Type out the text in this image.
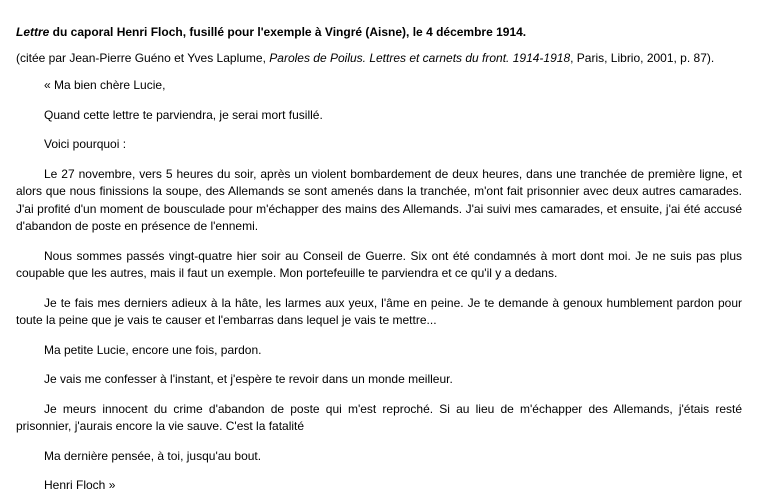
Lettre du caporal Henri Floch, fusillé pour l'exemple à Vingré (Aisne), le 4 décembre 1914.

(citée par Jean-Pierre Guéno et Yves Laplume, Paroles de Poilus. Lettres et carnets du front. 1914-1918, Paris, Librio, 2001, p. 87).

« Ma bien chère Lucie,

Quand cette lettre te parviendra, je serai mort fusillé.

Voici pourquoi :

Le 27 novembre, vers 5 heures du soir, après un violent bombardement de deux heures, dans une tranchée de première ligne, et alors que nous finissions la soupe, des Allemands se sont amenés dans la tranchée, m'ont fait prisonnier avec deux autres camarades. J'ai profité d'un moment de bousculade pour m'échapper des mains des Allemands. J'ai suivi mes camarades, et ensuite, j'ai été accusé d'abandon de poste en présence de l'ennemi.

Nous sommes passés vingt-quatre hier soir au Conseil de Guerre. Six ont été condamnés à mort dont moi. Je ne suis pas plus coupable que les autres, mais il faut un exemple. Mon portefeuille te parviendra et ce qu'il y a dedans.

Je te fais mes derniers adieux à la hâte, les larmes aux yeux, l'âme en peine. Je te demande à genoux humblement pardon pour toute la peine que je vais te causer et l'embarras dans lequel je vais te mettre...

Ma petite Lucie, encore une fois, pardon.

Je vais me confesser à l'instant, et j'espère te revoir dans un monde meilleur.

Je meurs innocent du crime d'abandon de poste qui m'est reproché. Si au lieu de m'échapper des Allemands, j'étais resté prisonnier, j'aurais encore la vie sauve. C'est la fatalité

Ma dernière pensée, à toi, jusqu'au bout.

Henri Floch »
